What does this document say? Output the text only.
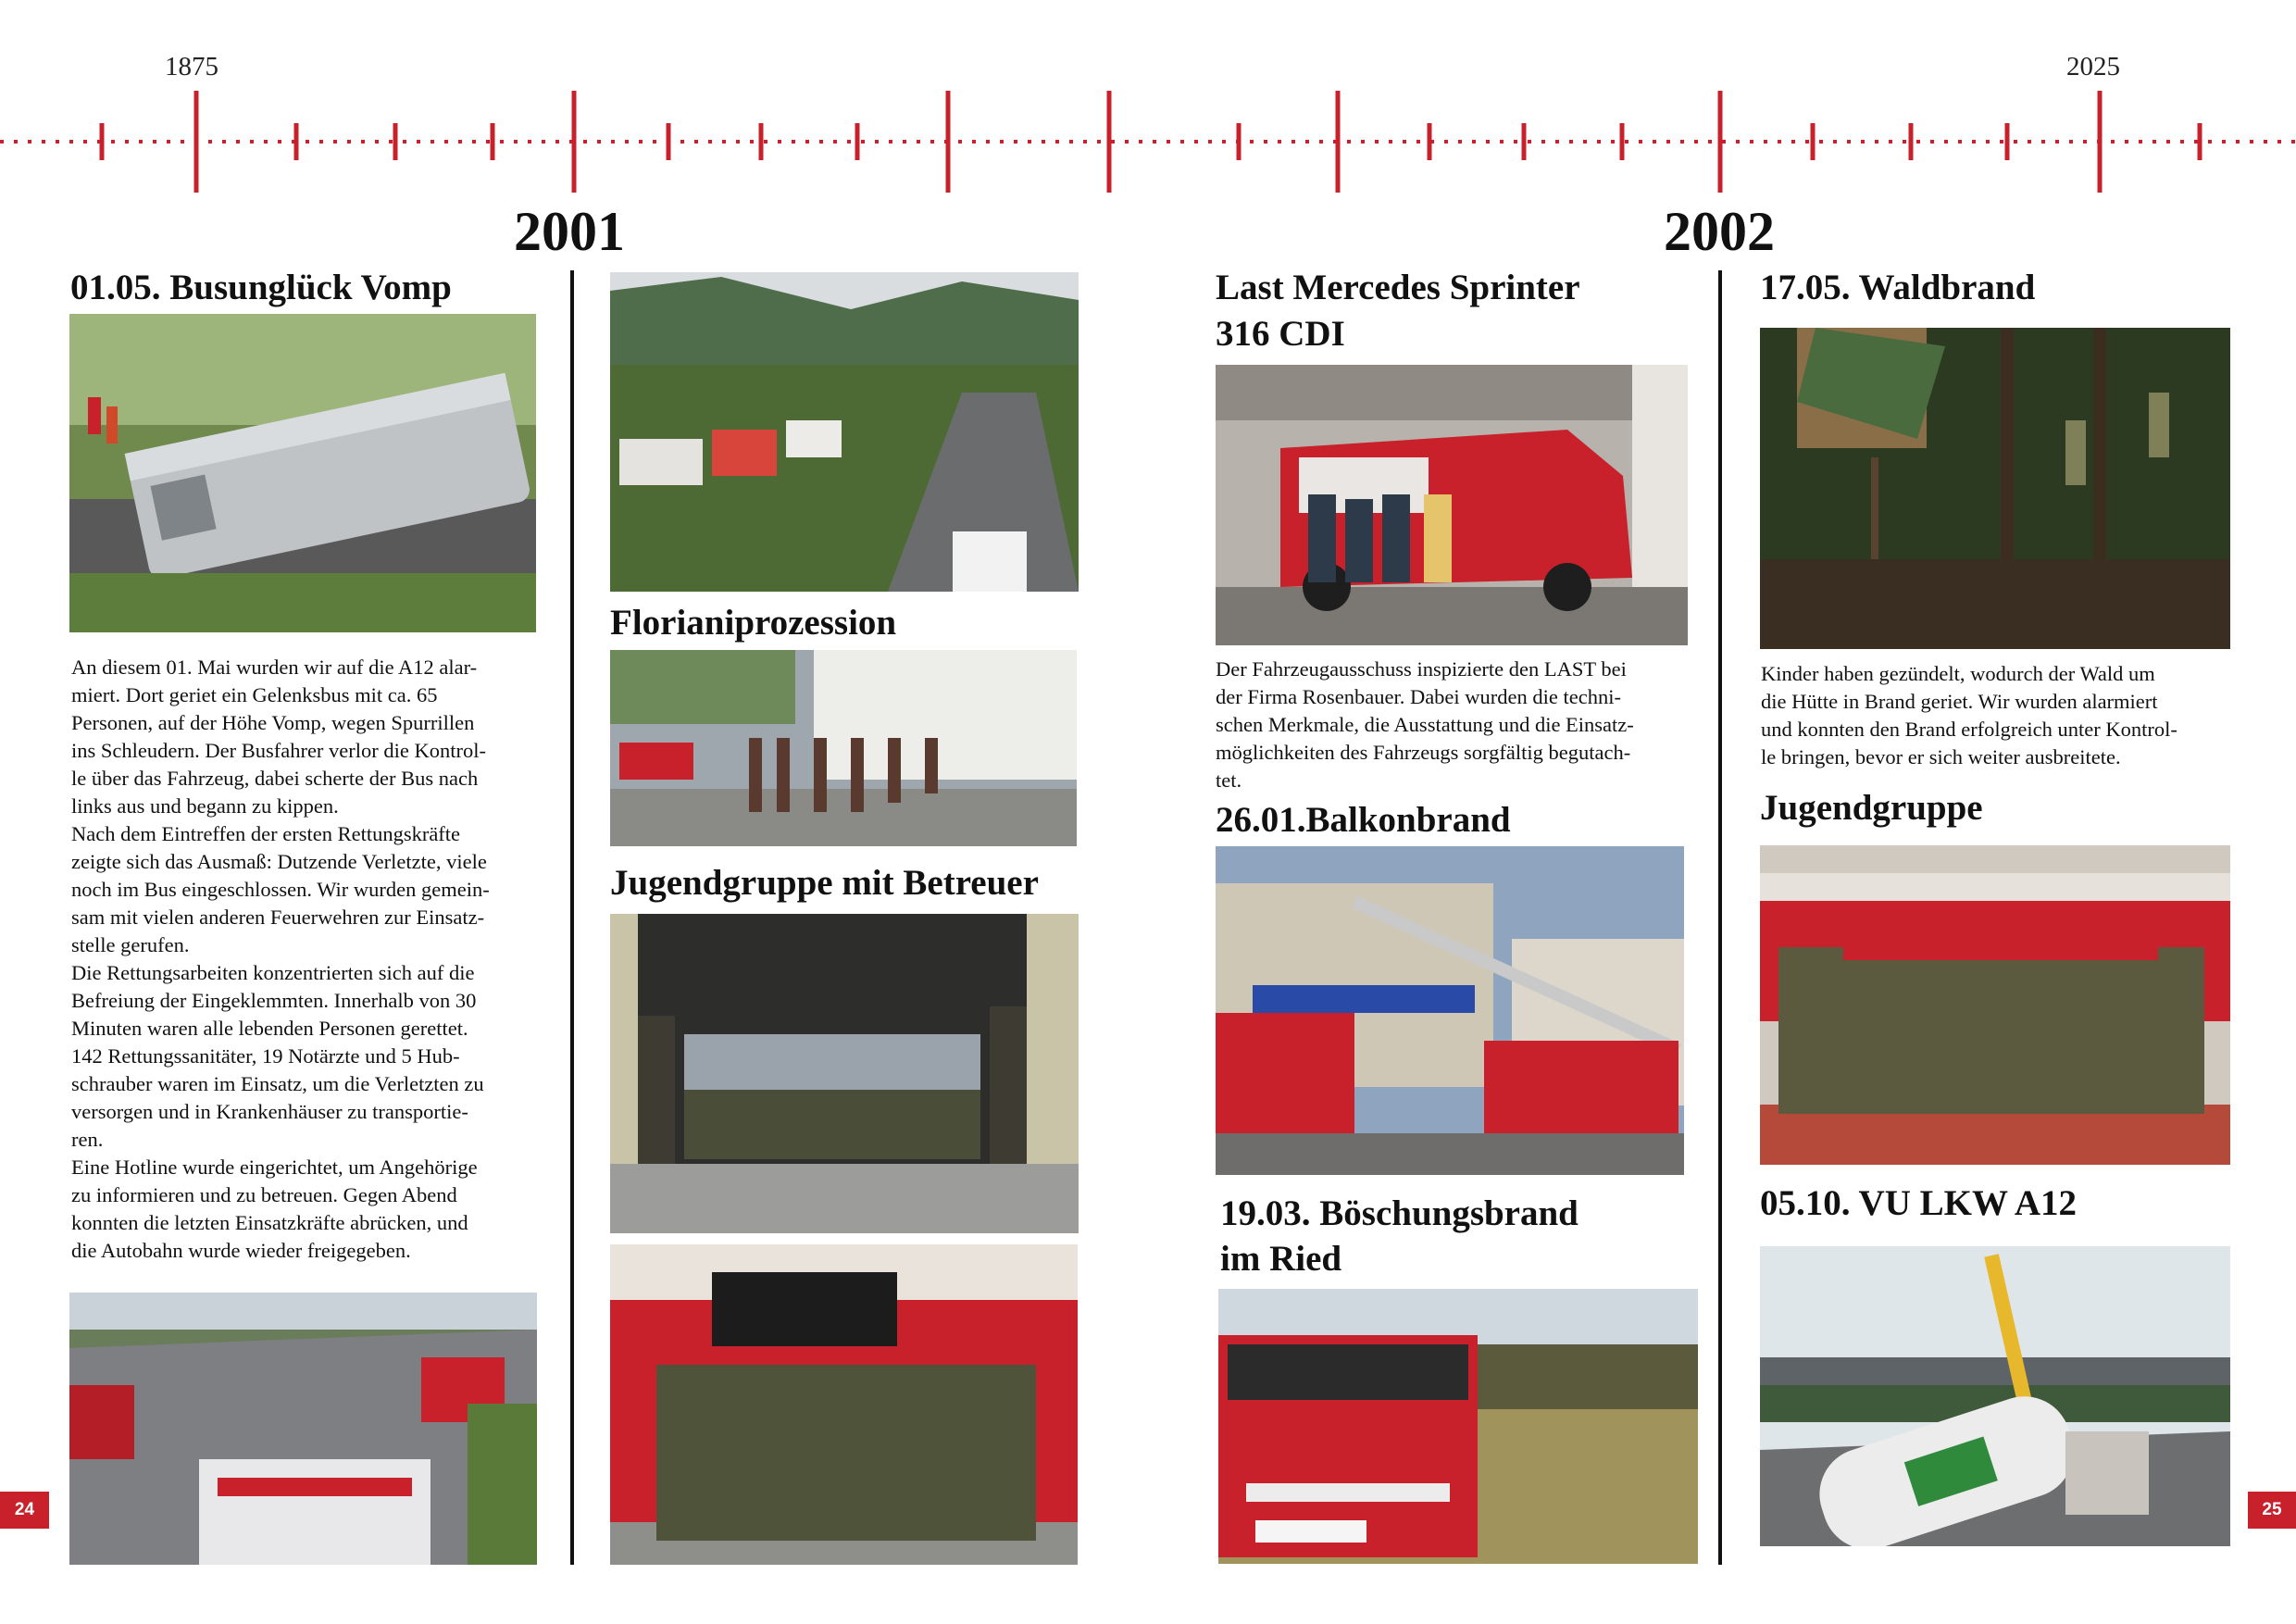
1875	2025
2001
01.05. Busunglück Vomp
An diesem 01. Mai wurden wir auf die A12 alar-
miert. Dort geriet ein Gelenksbus mit ca. 65
Personen, auf der Höhe Vomp, wegen Spurrillen
ins Schleudern. Der Busfahrer verlor die Kontrol-
le über das Fahrzeug, dabei scherte der Bus nach
links aus und begann zu kippen.
Nach dem Eintreffen der ersten Rettungskräfte
zeigte sich das Ausmaß: Dutzende Verletzte, viele
noch im Bus eingeschlossen. Wir wurden gemein-
sam mit vielen anderen Feuerwehren zur Einsatz-
stelle gerufen.
Die Rettungsarbeiten konzentrierten sich auf die
Befreiung der Eingeklemmten. Innerhalb von 30
Minuten waren alle lebenden Personen gerettet.
142 Rettungssanitäter, 19 Notärzte und 5 Hub-
schrauber waren im Einsatz, um die Verletzten zu
versorgen und in Krankenhäuser zu transportie-
ren.
Eine Hotline wurde eingerichtet, um Angehörige
zu informieren und zu betreuen. Gegen Abend
konnten die letzten Einsatzkräfte abrücken, und
die Autobahn wurde wieder freigegeben.
24
Florianiprozession
Jugendgruppe mit Betreuer
2002
Last Mercedes Sprinter
316 CDI
Der Fahrzeugausschuss inspizierte den LAST bei
der Firma Rosenbauer. Dabei wurden die techni-
schen Merkmale, die Ausstattung und die Einsatz-
möglichkeiten des Fahrzeugs sorgfältig begutach-
tet.
26.01.Balkonbrand
19.03. Böschungsbrand
im Ried
17.05. Waldbrand
Kinder haben gezündelt, wodurch der Wald um
die Hütte in Brand geriet. Wir wurden alarmiert
und konnten den Brand erfolgreich unter Kontrol-
le bringen, bevor er sich weiter ausbreitete.
Jugendgruppe
05.10. VU LKW A12
25
